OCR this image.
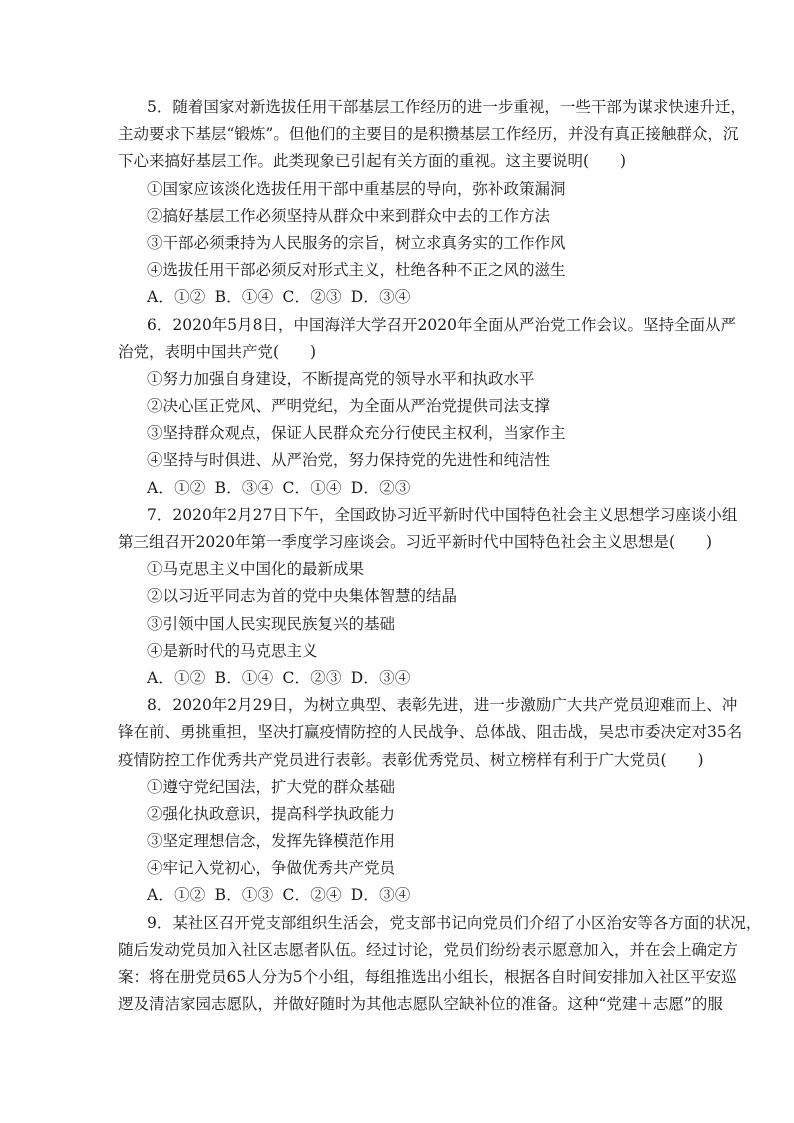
5．随着国家对新选拔任用干部基层工作经历的进一步重视，一些干部为谋求快速升迁，
主动要求下基层“锻炼”。但他们的主要目的是积攒基层工作经历，并没有真正接触群众，沉
下心来搞好基层工作。此类现象已引起有关方面的重视。这主要说明(　　)
①国家应该淡化选拔任用干部中重基层的导向，弥补政策漏洞
②搞好基层工作必须坚持从群众中来到群众中去的工作方法
③干部必须秉持为人民服务的宗旨，树立求真务实的工作作风
④选拔任用干部必须反对形式主义，杜绝各种不正之风的滋生
A．①② B．①④ C．②③ D．③④
6．2020年5月8日，中国海洋大学召开2020年全面从严治党工作会议。坚持全面从严
治党，表明中国共产党(　　)
①努力加强自身建设，不断提高党的领导水平和执政水平
②决心匡正党风、严明党纪，为全面从严治党提供司法支撑
③坚持群众观点，保证人民群众充分行使民主权利，当家作主
④坚持与时俱进、从严治党，努力保持党的先进性和纯洁性
A．①② B．③④ C．①④ D．②③
7．2020年2月27日下午，全国政协习近平新时代中国特色社会主义思想学习座谈小组
第三组召开2020年第一季度学习座谈会。习近平新时代中国特色社会主义思想是(　　)
①马克思主义中国化的最新成果
②以习近平同志为首的党中央集体智慧的结晶
③引领中国人民实现民族复兴的基础
④是新时代的马克思主义
A．①② B．①④ C．②③ D．③④
8．2020年2月29日，为树立典型、表彰先进，进一步激励广大共产党员迎难而上、冲
锋在前、勇挑重担，坚决打赢疫情防控的人民战争、总体战、阻击战，吴忠市委决定对35名
疫情防控工作优秀共产党员进行表彰。表彰优秀党员、树立榜样有利于广大党员(　　)
①遵守党纪国法，扩大党的群众基础
②强化执政意识，提高科学执政能力
③坚定理想信念，发挥先锋模范作用
④牢记入党初心，争做优秀共产党员
A．①② B．①③ C．②④ D．③④
9．某社区召开党支部组织生活会，党支部书记向党员们介绍了小区治安等各方面的状况，
随后发动党员加入社区志愿者队伍。经过讨论，党员们纷纷表示愿意加入，并在会上确定方
案：将在册党员65人分为5个小组，每组推选出小组长，根据各自时间安排加入社区平安巡
逻及清洁家园志愿队，并做好随时为其他志愿队空缺补位的准备。这种“党建＋志愿”的服
